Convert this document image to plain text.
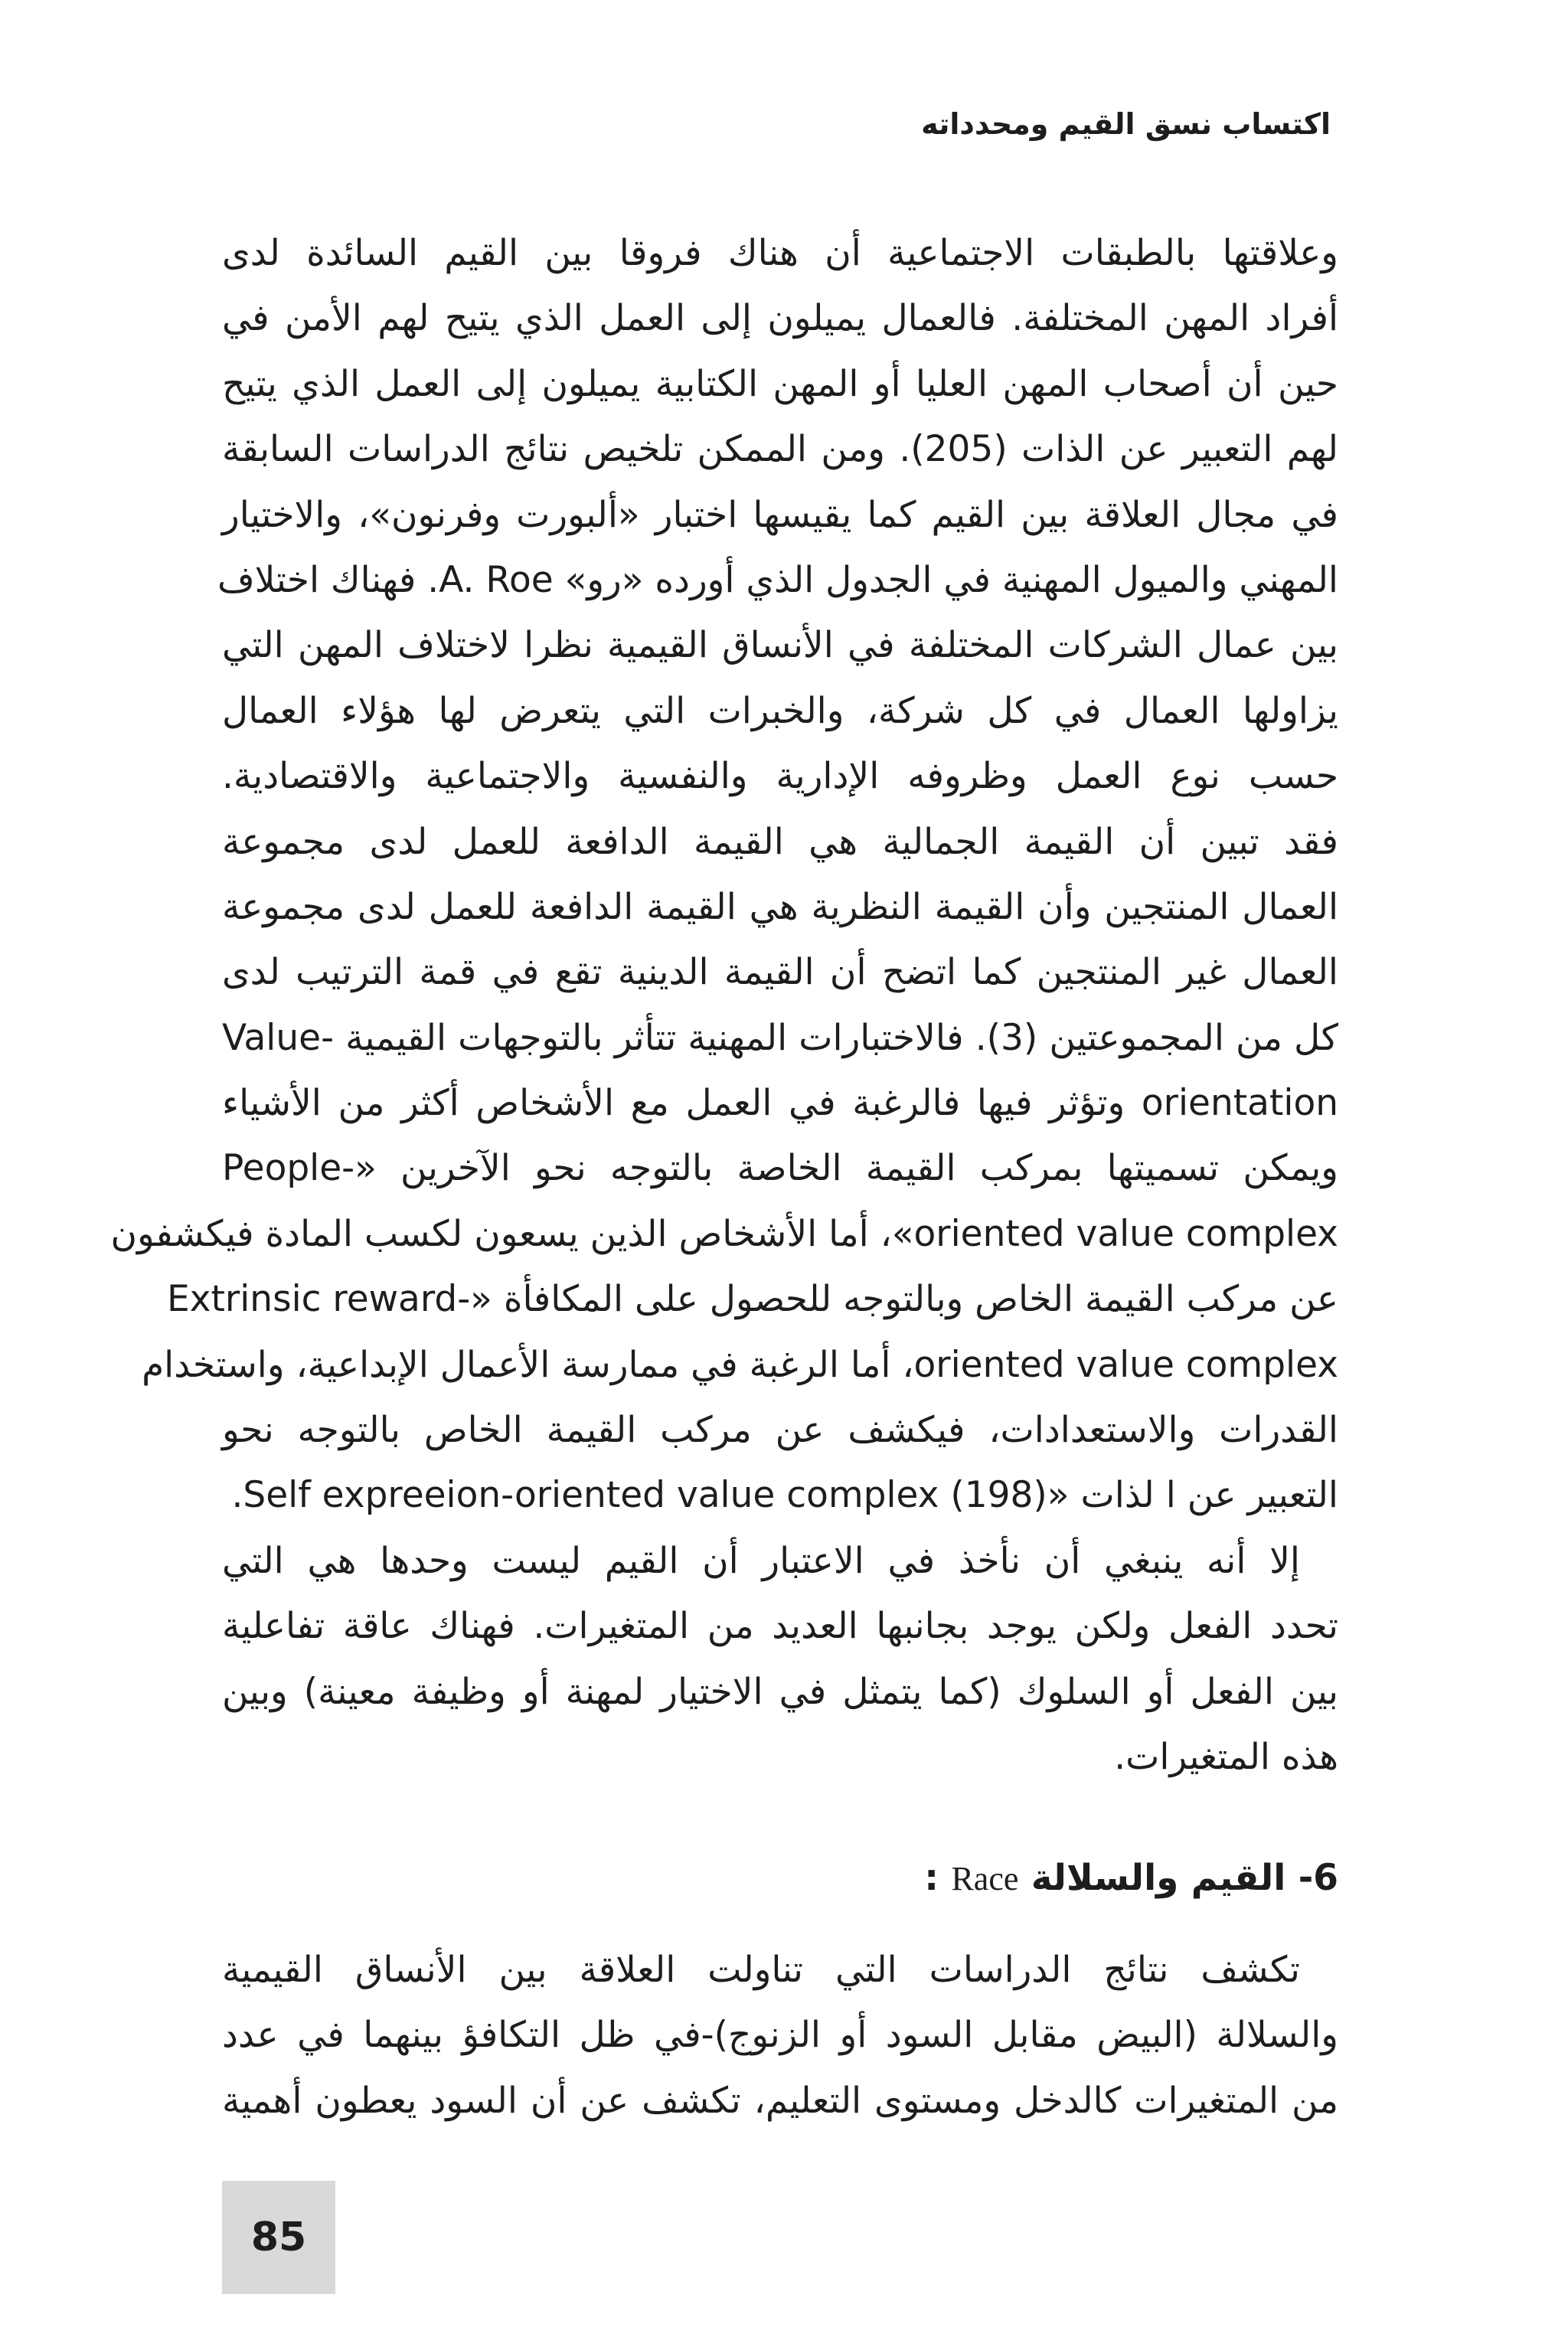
اكتساب نسق القيم ومحدداته
وعلاقتها بالطبقات الاجتماعية أن هناك فروقا بين القيم السائدة لدى
أفراد المهن المختلفة. فالعمال يميلون إلى العمل الذي يتيح لهم الأمن في
حين أن أصحاب المهن العليا أو المهن الكتابية يميلون إلى العمل الذي يتيح
لهم التعبير عن الذات (205). ومن الممكن تلخيص نتائج الدراسات السابقة
في مجال العلاقة بين القيم كما يقيسها اختبار «ألبورت وفرنون»، والاختيار
المهني والميول المهنية في الجدول الذي أورده «رو» A. Roe. فهناك اختلاف
بين عمال الشركات المختلفة في الأنساق القيمية نظرا لاختلاف المهن التي
يزاولها العمال في كل شركة، والخبرات التي يتعرض لها هؤلاء العمال
حسب نوع العمل وظروفه الإدارية والنفسية والاجتماعية والاقتصادية.
فقد تبين أن القيمة الجمالية هي القيمة الدافعة للعمل لدى مجموعة
العمال المنتجين وأن القيمة النظرية هي القيمة الدافعة للعمل لدى مجموعة
العمال غير المنتجين كما اتضح أن القيمة الدينية تقع في قمة الترتيب لدى
كل من المجموعتين (3). فالاختبارات المهنية تتأثر بالتوجهات القيمية -Value
orientation وتؤثر فيها فالرغبة في العمل مع الأشخاص أكثر من الأشياء
ويمكن تسميتها بمركب القيمة الخاصة بالتوجه نحو الآخرين «-People
oriented value complex»، أما الأشخاص الذين يسعون لكسب المادة فيكشفون
عن مركب القيمة الخاص وبالتوجه للحصول على المكافأة «-Extrinsic reward
oriented value complex، أما الرغبة في ممارسة الأعمال الإبداعية، واستخدام
القدرات والاستعدادات، فيكشف عن مركب القيمة الخاص بالتوجه نحو
التعبير عن ا لذات «Self expreeion-oriented value complex (198).
إلا أنه ينبغي أن نأخذ في الاعتبار أن القيم ليست وحدها هي التي
تحدد الفعل ولكن يوجد بجانبها العديد من المتغيرات. فهناك عاقة تفاعلية
بين الفعل أو السلوك (كما يتمثل في الاختيار لمهنة أو وظيفة معينة) وبين
هذه المتغيرات.
6- القيم والسلالة Race :
تكشف نتائج الدراسات التي تناولت العلاقة بين الأنساق القيمية
والسلالة (البيض مقابل السود أو الزنوج)-في ظل التكافؤ بينهما في عدد
من المتغيرات كالدخل ومستوى التعليم، تكشف عن أن السود يعطون أهمية
85
